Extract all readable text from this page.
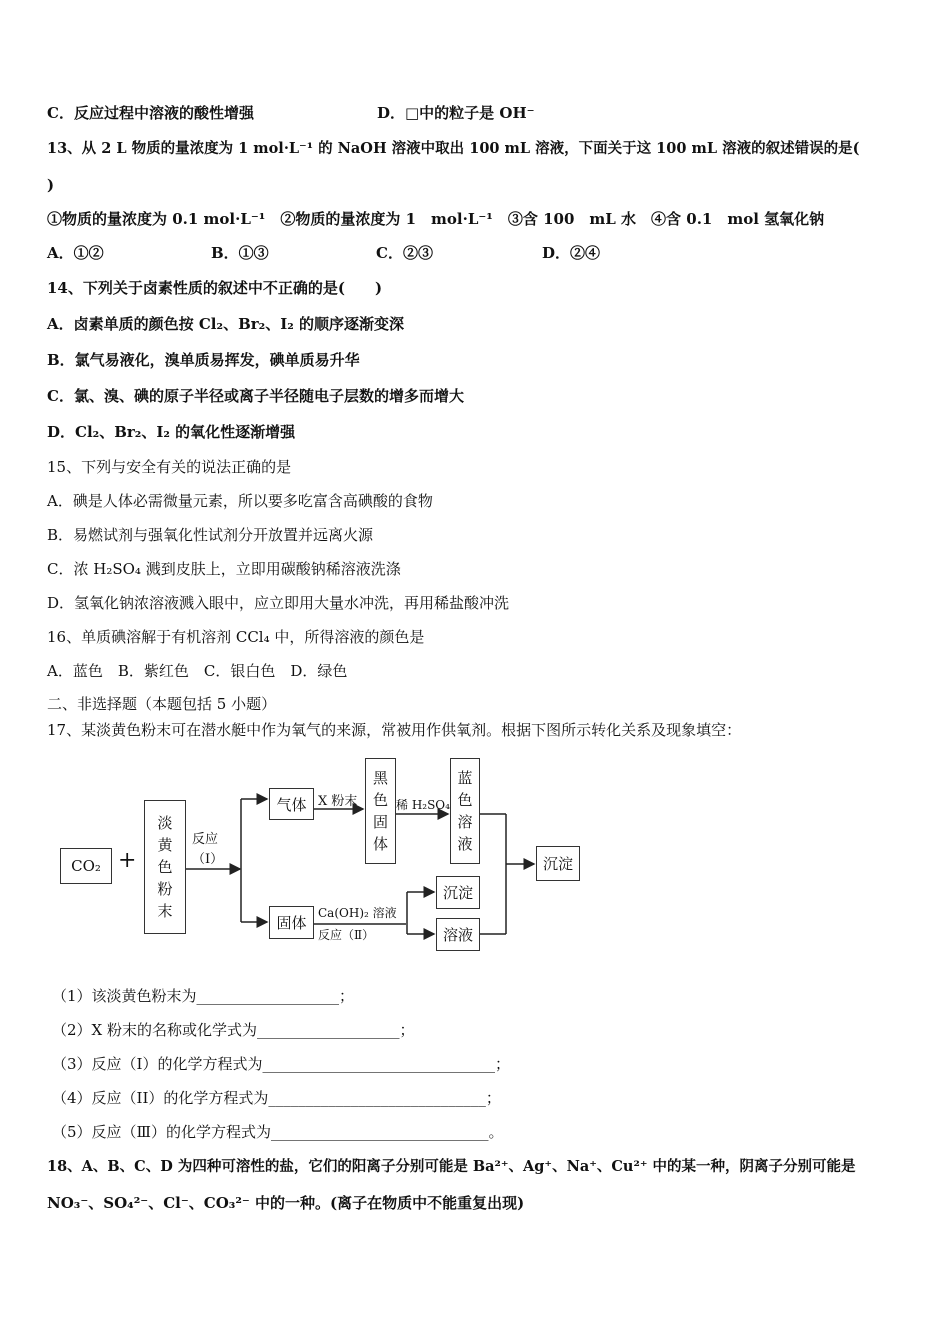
C．反应过程中溶液的酸性增强	D．□中的粒子是 OH⁻
13、从 2 L 物质的量浓度为 1 mol·L⁻¹ 的 NaOH 溶液中取出 100 mL 溶液，下面关于这 100 mL 溶液的叙述错误的是(
)
①物质的量浓度为 0.1 mol·L⁻¹　②物质的量浓度为 1　mol·L⁻¹　③含 100　mL 水　④含 0.1　mol 氢氧化钠
A．①②	B．①③	C．②③	D．②④
14、下列关于卤素性质的叙述中不正确的是(　　)
A．卤素单质的颜色按 Cl₂、Br₂、I₂ 的顺序逐渐变深
B．氯气易液化，溴单质易挥发，碘单质易升华
C．氯、溴、碘的原子半径或离子半径随电子层数的增多而增大
D．Cl₂、Br₂、I₂ 的氧化性逐渐增强
15、下列与安全有关的说法正确的是
A．碘是人体必需微量元素，所以要多吃富含高碘酸的食物
B．易燃试剂与强氧化性试剂分开放置并远离火源
C．浓 H₂SO₄ 溅到皮肤上，立即用碳酸钠稀溶液洗涤
D．氢氧化钠浓溶液溅入眼中，应立即用大量水冲洗，再用稀盐酸冲洗
16、单质碘溶解于有机溶剂 CCl₄ 中，所得溶液的颜色是
A．蓝色　B．紫红色　C．银白色　D．绿色
二、非选择题（本题包括 5 小题）
17、某淡黄色粉末可在潜水艇中作为氧气的来源，常被用作供氧剂。根据下图所示转化关系及现象填空：
CO₂ +
淡
黄
色
粉
末
反应
（Ⅰ）
气体 X 粉末
黑
色
固
体
稀 H₂SO₄
蓝
色
溶
液
沉淀
固体
Ca(OH)₂ 溶液
反应（Ⅱ）
沉淀
溶液
（1）该淡黄色粉末为___________________；
（2）X 粉末的名称或化学式为___________________；
（3）反应（I）的化学方程式为_______________________________；
（4）反应（II）的化学方程式为_____________________________；
（5）反应（Ⅲ）的化学方程式为_____________________________。
18、A、B、C、D 为四种可溶性的盐，它们的阳离子分别可能是 Ba²⁺、Ag⁺、Na⁺、Cu²⁺ 中的某一种，阴离子分别可能是
NO₃⁻、SO₄²⁻、Cl⁻、CO₃²⁻ 中的一种。(离子在物质中不能重复出现)
